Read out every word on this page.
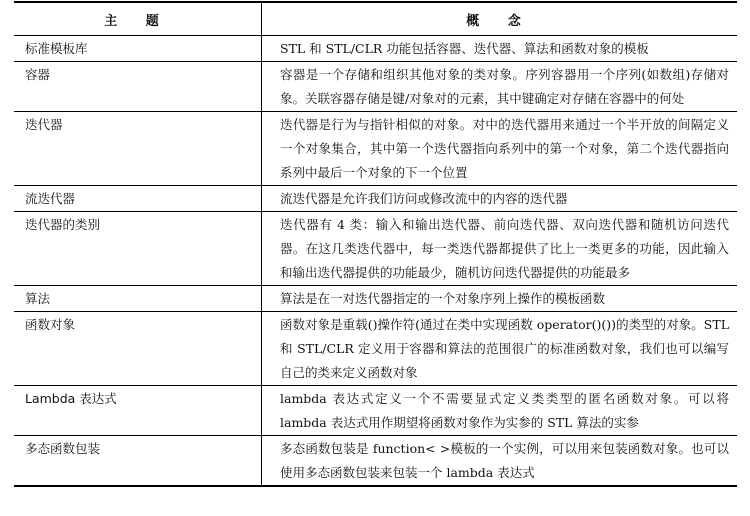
主 题	概 念
标准模板库	STL 和 STL/CLR 功能包括容器、迭代器、算法和函数对象的模板
容器	容器是一个存储和组织其他对象的类对象。序列容器用一个序列(如数组)存储对象。关联容器存储是键/对象对的元素，其中键确定对存储在容器中的何处
迭代器	迭代器是行为与指针相似的对象。对中的迭代器用来通过一个半开放的间隔定义一个对象集合，其中第一个迭代器指向系列中的第一个对象，第二个迭代器指向系列中最后一个对象的下一个位置
流迭代器	流迭代器是允许我们访问或修改流中的内容的迭代器
迭代器的类别	迭代器有 4 类：输入和输出迭代器、前向迭代器、双向迭代器和随机访问迭代器。在这几类迭代器中，每一类迭代器都提供了比上一类更多的功能，因此输入和输出迭代器提供的功能最少，随机访问迭代器提供的功能最多
算法	算法是在一对迭代器指定的一个对象序列上操作的模板函数
函数对象	函数对象是重载()操作符(通过在类中实现函数 operator()())的类型的对象。STL 和 STL/CLR 定义用于容器和算法的范围很广的标准函数对象，我们也可以编写自己的类来定义函数对象
Lambda 表达式	lambda 表达式定义一个不需要显式定义类类型的匿名函数对象。可以将 lambda 表达式用作期望将函数对象作为实参的 STL 算法的实参
多态函数包装	多态函数包装是 function< >模板的一个实例，可以用来包装函数对象。也可以使用多态函数包装来包装一个 lambda 表达式
